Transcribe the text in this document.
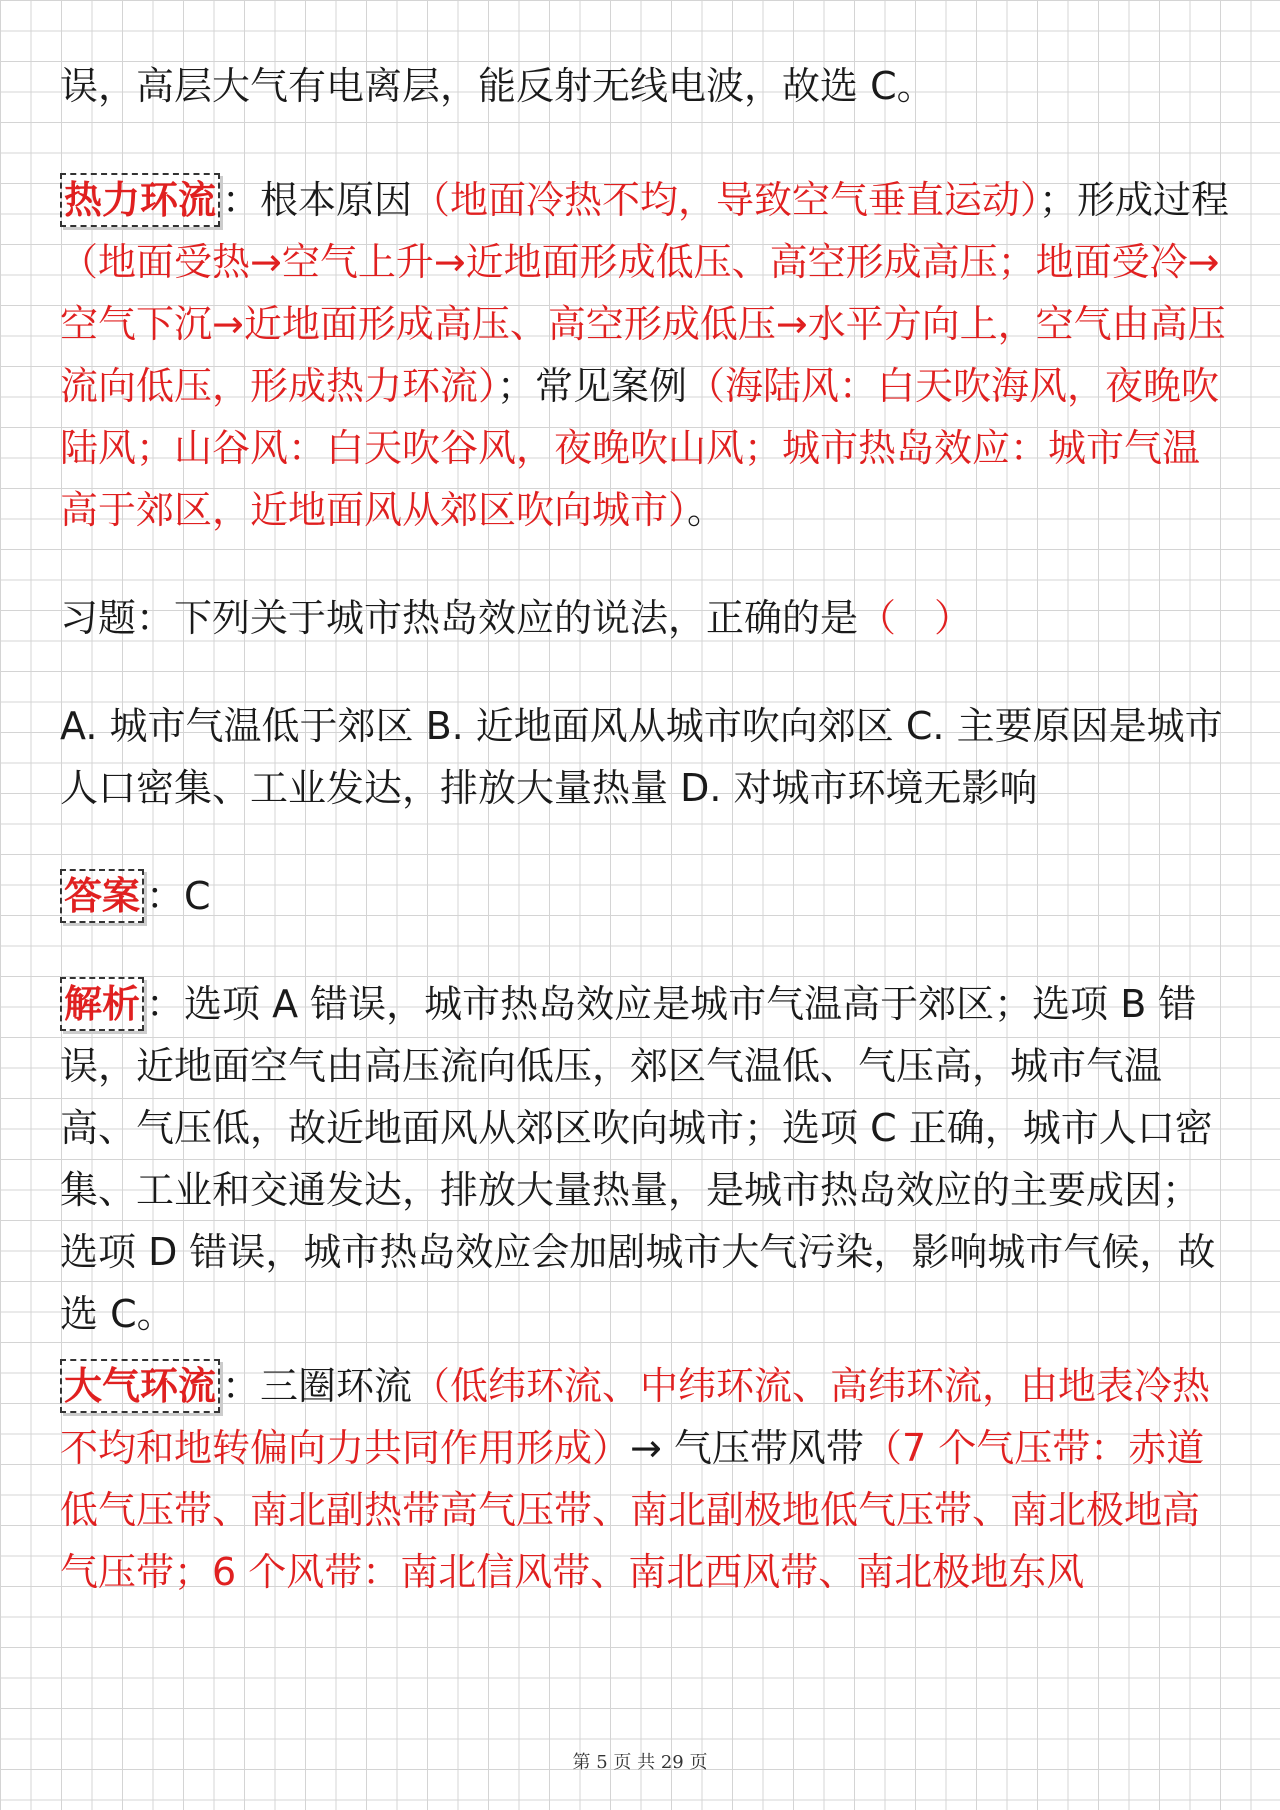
误，高层大气有电离层，能反射无线电波，故选 C。

热力环流 ：根本原因（地面冷热不均，导致空气垂直运动）；形成过程（地面受热→空气上升→近地面形成低压、高空形成高压；地面受冷→空气下沉→近地面形成高压、高空形成低压→水平方向上，空气由高压流向低压，形成热力环流）；常见案例（海陆风：白天吹海风，夜晚吹陆风；山谷风：白天吹谷风，夜晚吹山风；城市热岛效应：城市气温高于郊区，近地面风从郊区吹向城市）。

习题：下列关于城市热岛效应的说法，正确的是（　）

A. 城市气温低于郊区 B. 近地面风从城市吹向郊区 C. 主要原因是城市人口密集、工业发达，排放大量热量 D. 对城市环境无影响

答案 ：C

解析 ：选项 A 错误，城市热岛效应是城市气温高于郊区；选项 B 错误，近地面空气由高压流向低压，郊区气温低、气压高，城市气温高、气压低，故近地面风从郊区吹向城市；选项 C 正确，城市人口密集、工业和交通发达，排放大量热量，是城市热岛效应的主要成因；选项 D 错误，城市热岛效应会加剧城市大气污染，影响城市气候，故选 C。

大气环流 ：三圈环流（低纬环流、中纬环流、高纬环流，由地表冷热不均和地转偏向力共同作用形成）→ 气压带风带（7 个气压带：赤道低气压带、南北副热带高气压带、南北副极地低气压带、南北极地高气压带；6 个风带：南北信风带、南北西风带、南北极地东风

第 5 页 共 29 页
